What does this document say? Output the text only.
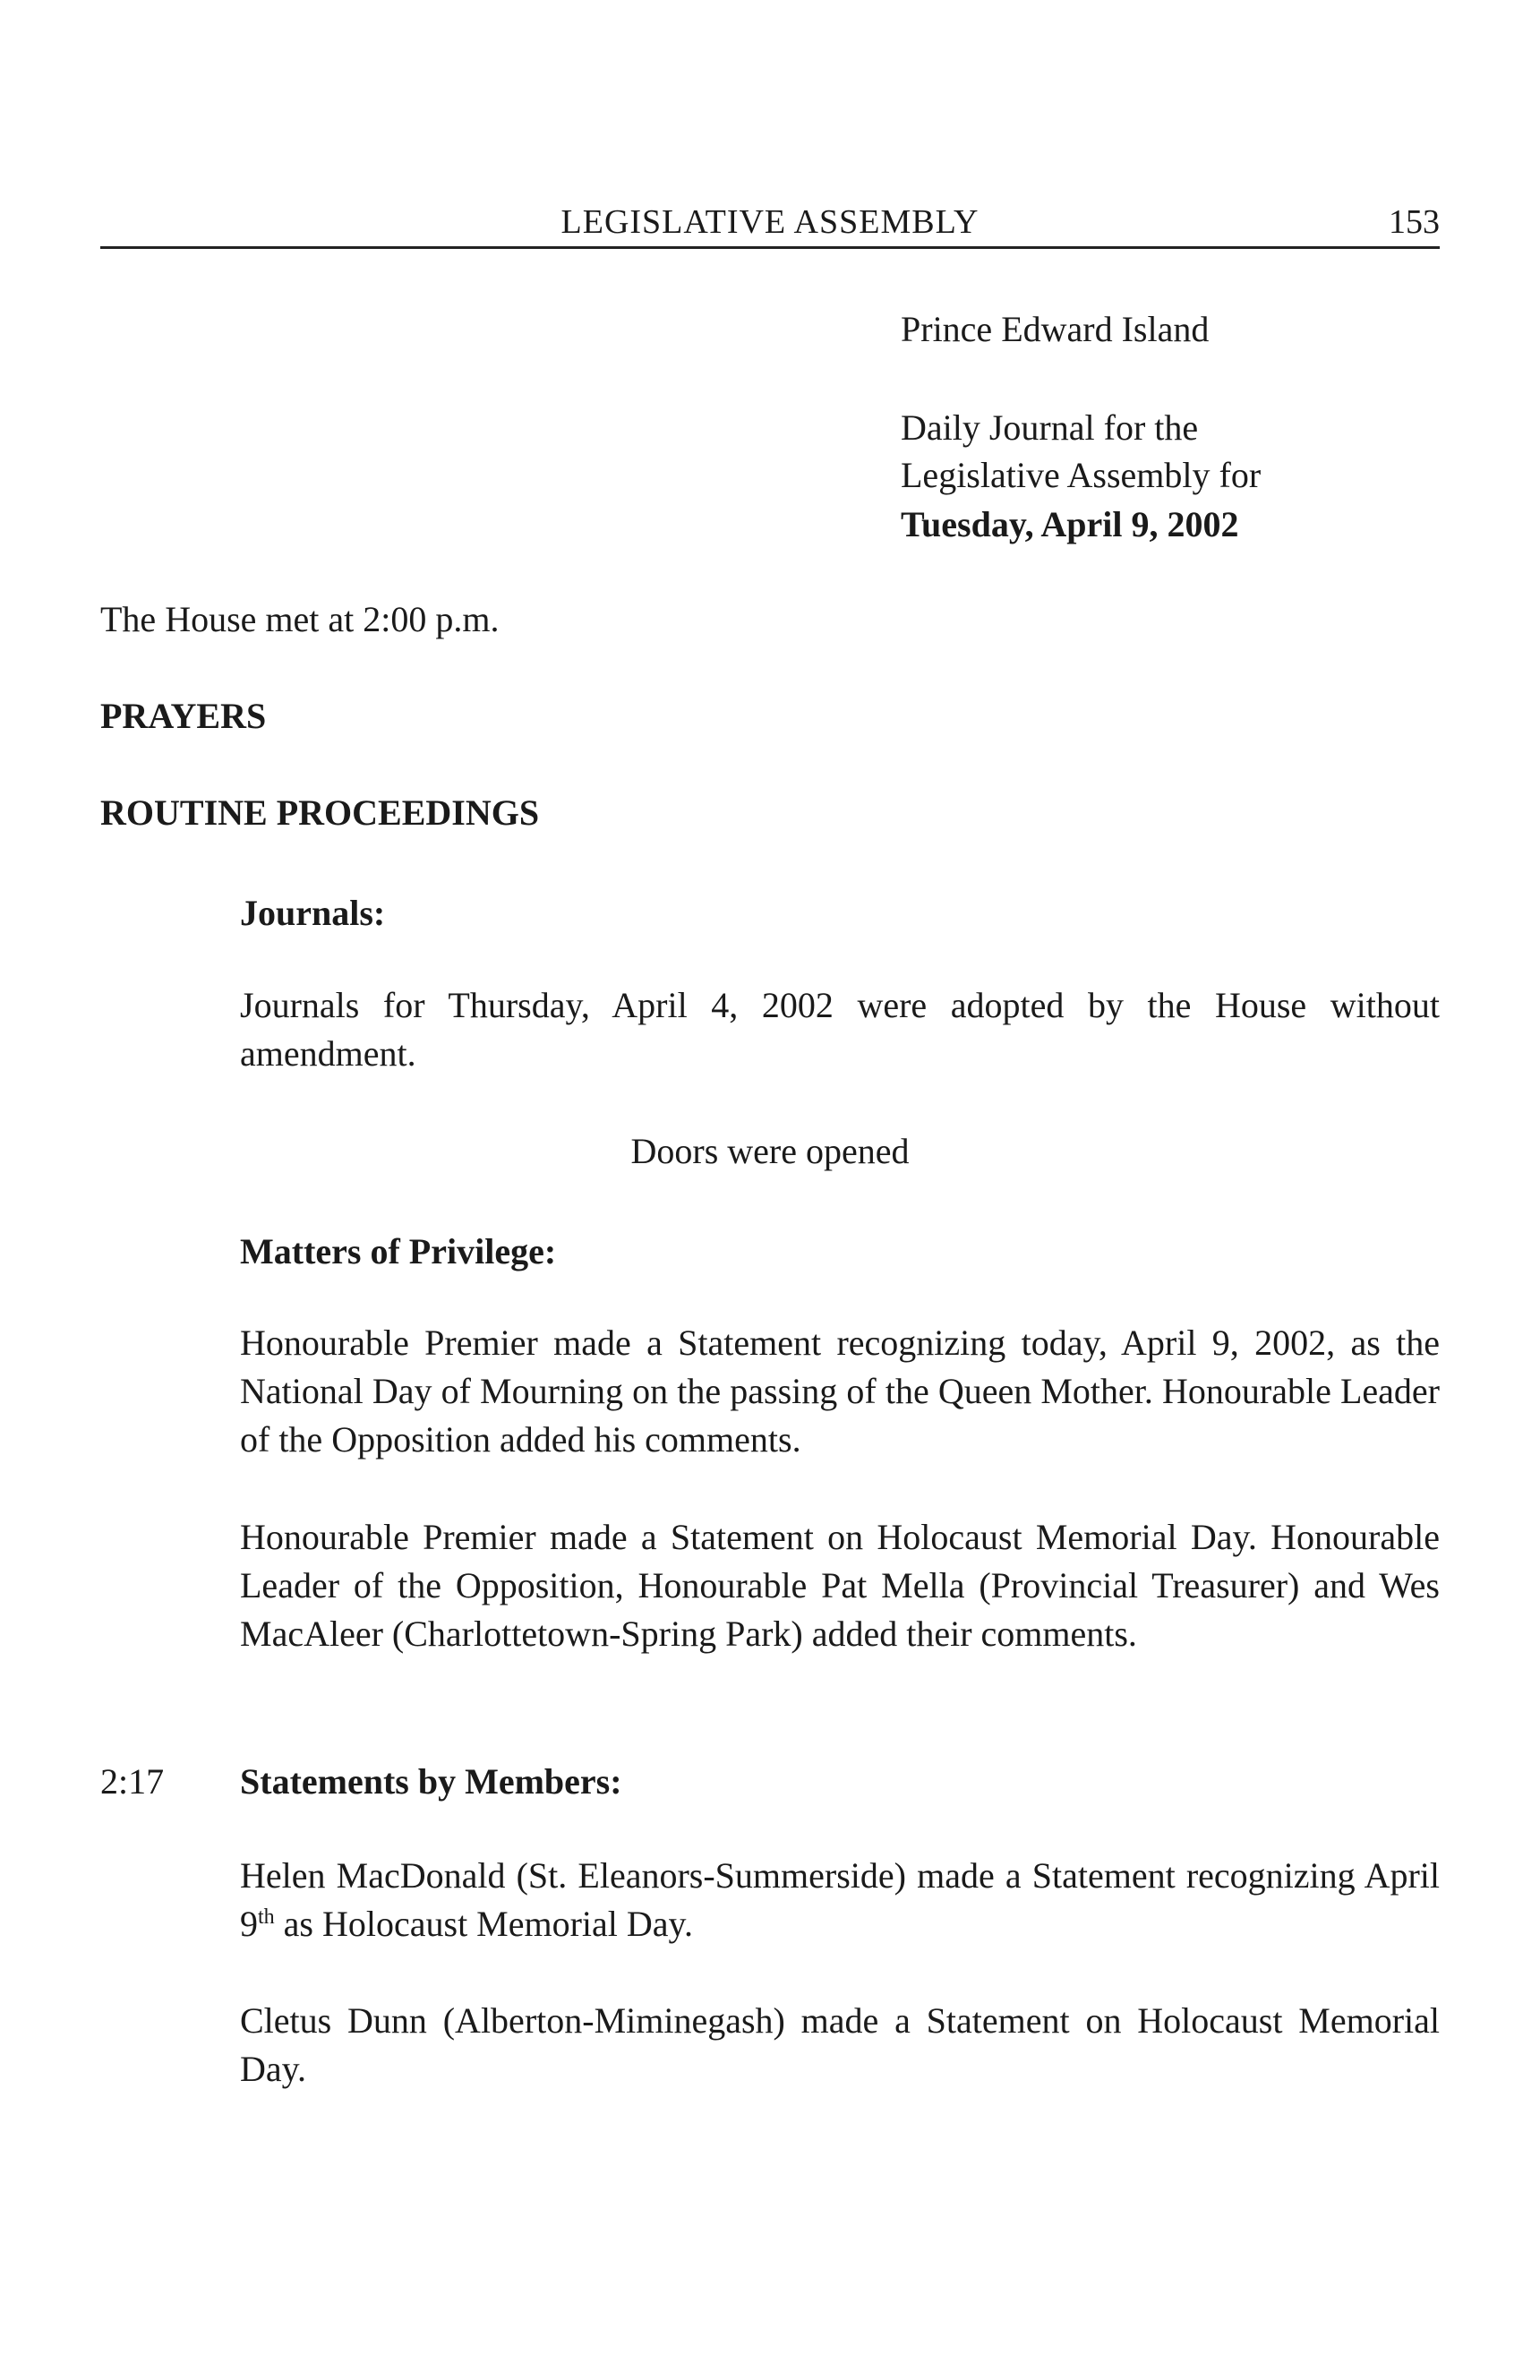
LEGISLATIVE ASSEMBLY	153
Prince Edward Island
Daily Journal for the
Legislative Assembly for
Tuesday, April 9, 2002
The House met at 2:00 p.m.
PRAYERS
ROUTINE PROCEEDINGS
Journals:
Journals for Thursday, April 4, 2002 were adopted by the House without amendment.
Doors were opened
Matters of Privilege:
Honourable Premier made a Statement recognizing today, April 9, 2002, as the National Day of Mourning on the passing of the Queen Mother. Honourable Leader of the Opposition added his comments.
Honourable Premier made a Statement on Holocaust Memorial Day. Honourable Leader of the Opposition, Honourable Pat Mella (Provincial Treasurer) and Wes MacAleer (Charlottetown-Spring Park) added their comments.
2:17 Statements by Members:
Helen MacDonald (St. Eleanors-Summerside) made a Statement recognizing April 9th as Holocaust Memorial Day.
Cletus Dunn (Alberton-Miminegash) made a Statement on Holocaust Memorial Day.
